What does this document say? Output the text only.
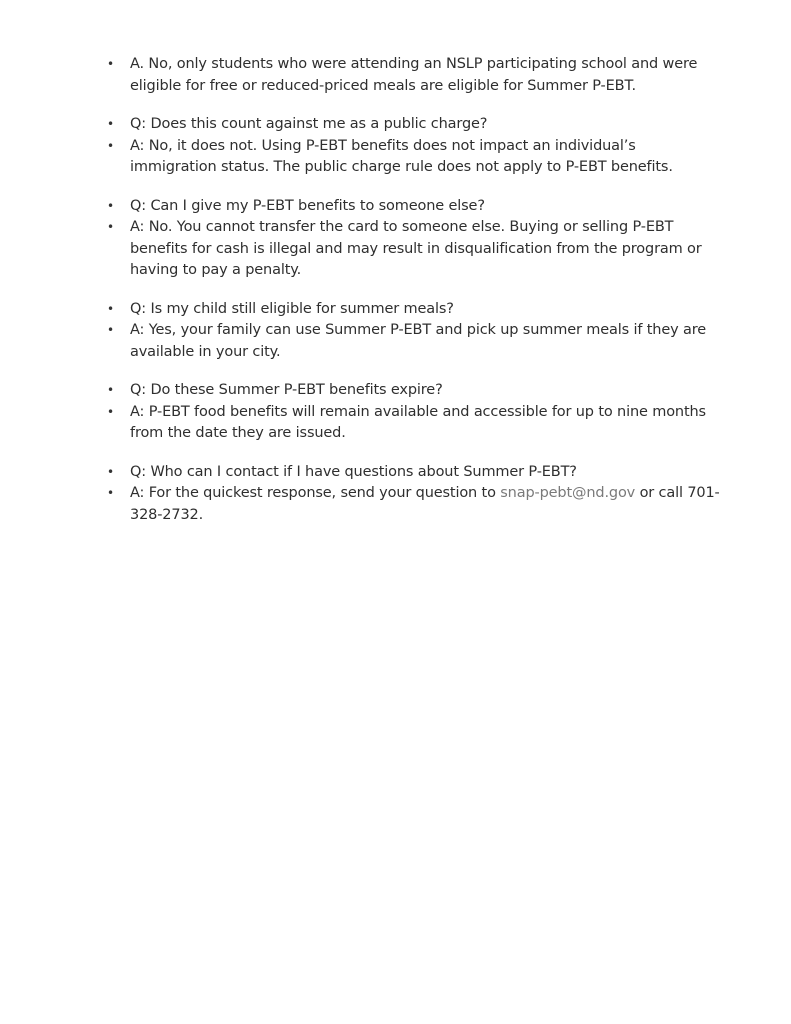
• A. No, only students who were attending an NSLP participating school and were eligible for free or reduced-priced meals are eligible for Summer P-EBT.
• Q: Does this count against me as a public charge?
• A: No, it does not. Using P-EBT benefits does not impact an individual’s immigration status. The public charge rule does not apply to P-EBT benefits.
• Q: Can I give my P-EBT benefits to someone else?
• A: No. You cannot transfer the card to someone else. Buying or selling P-EBT benefits for cash is illegal and may result in disqualification from the program or having to pay a penalty.
• Q: Is my child still eligible for summer meals?
• A: Yes, your family can use Summer P-EBT and pick up summer meals if they are available in your city.
• Q: Do these Summer P-EBT benefits expire?
• A: P-EBT food benefits will remain available and accessible for up to nine months from the date they are issued.
• Q: Who can I contact if I have questions about Summer P-EBT?
• A: For the quickest response, send your question to snap-pebt@nd.gov or call 701-328-2732.
